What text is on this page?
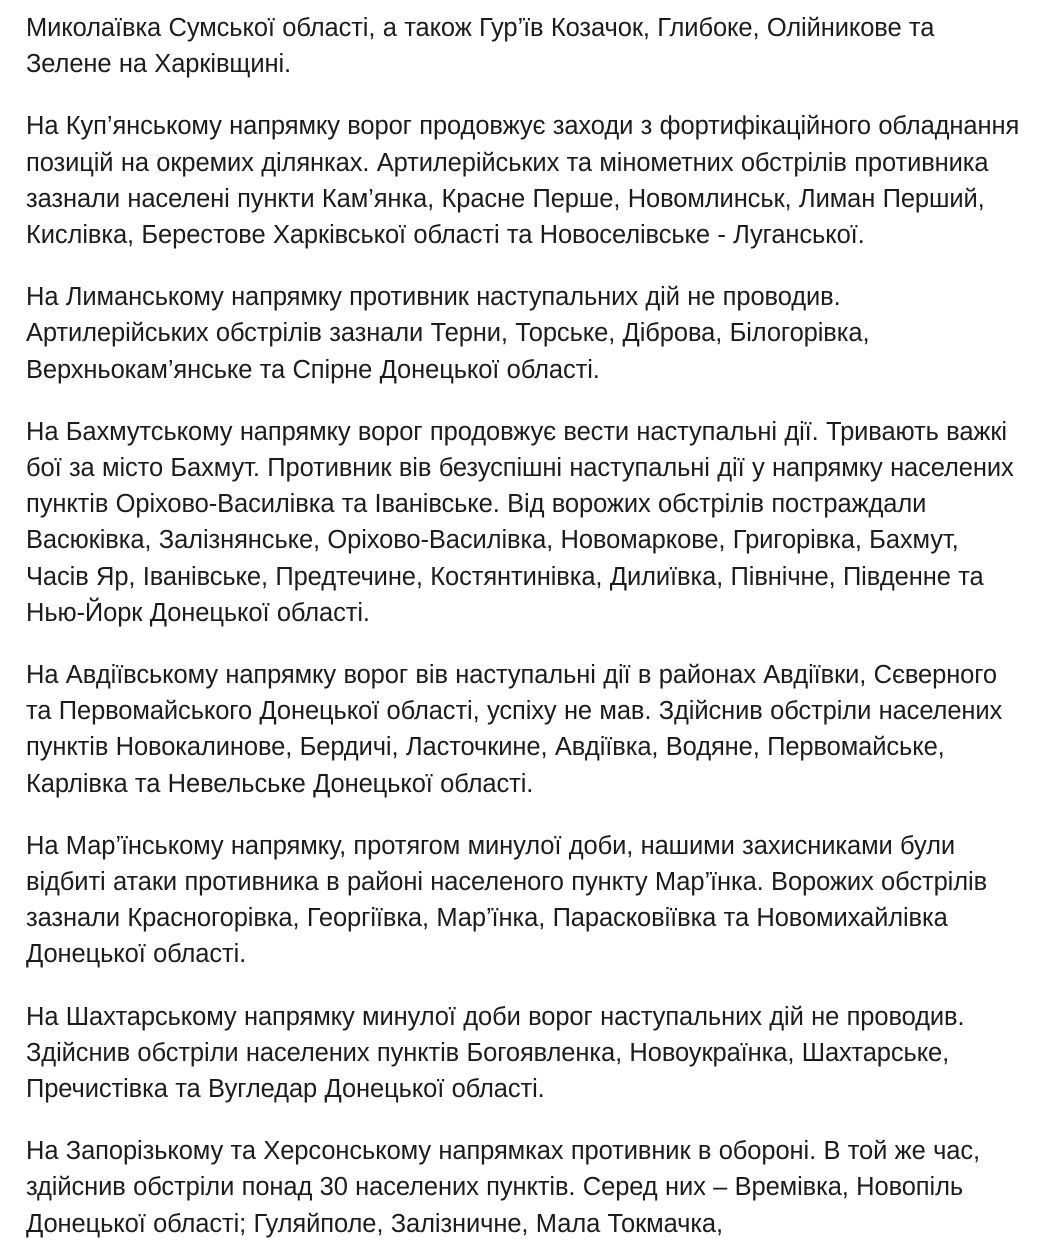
Миколаївка Сумської області, а також Гур’їв Козачок, Глибоке, Олійникове та Зелене на Харківщині.

На Куп’янському напрямку ворог продовжує заходи з фортифікаційного обладнання позицій на окремих ділянках. Артилерійських та мінометних обстрілів противника зазнали населені пункти Кам’янка, Красне Перше, Новомлинськ, Лиман Перший, Кислівка, Берестове Харківської області та Новоселівське - Луганської.

На Лиманському напрямку противник наступальних дій не проводив. Артилерійських обстрілів зазнали Терни, Торське, Діброва, Білогорівка, Верхньокам’янське та Спірне Донецької області.

На Бахмутському напрямку ворог продовжує вести наступальні дії. Тривають важкі бої за місто Бахмут. Противник вів безуспішні наступальні дії у напрямку населених пунктів Оріхово-Василівка та Іванівське. Від ворожих обстрілів постраждали Васюківка, Залізнянське, Оріхово-Василівка, Новомаркове, Григорівка, Бахмут, Часів Яр, Іванівське, Предтечине, Костянтинівка, Дилиївка, Північне, Південне та Нью-Йорк Донецької області.

На Авдіївському напрямку ворог вів наступальні дії в районах Авдіївки, Сєверного та Первомайського Донецької області, успіху не мав. Здійснив обстріли населених пунктів Новокалинове, Бердичі, Ласточкине, Авдіївка, Водяне, Первомайське, Карлівка та Невельське Донецької області.

На Мар’їнському напрямку, протягом минулої доби, нашими захисниками були відбиті атаки противника в районі населеного пункту Мар’їнка. Ворожих обстрілів зазнали Красногорівка, Георгіївка, Мар’їнка, Парасковіївка та Новомихайлівка Донецької області.

На Шахтарському напрямку минулої доби ворог наступальних дій не проводив. Здійснив обстріли населених пунктів Богоявленка, Новоукраїнка, Шахтарське, Пречистівка та Вугледар Донецької області.

На Запорізькому та Херсонському напрямках противник в обороні. В той же час, здійснив обстріли понад 30 населених пунктів. Серед них – Времівка, Новопіль Донецької області; Гуляйполе, Залізничне, Мала Токмачка,
